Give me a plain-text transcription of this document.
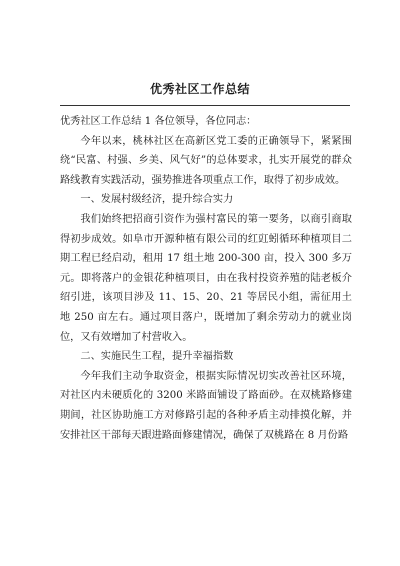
优秀社区工作总结

优秀社区工作总结 1 各位领导，各位同志：

今年以来，桃林社区在高新区党工委的正确领导下，紧紧围绕“民富、村强、乡美、风气好”的总体要求，扎实开展党的群众路线教育实践活动，强势推进各项重点工作，取得了初步成效。

一、发展村级经济，提升综合实力

我们始终把招商引资作为强村富民的第一要务，以商引商取得初步成效。如阜市开源种植有限公司的红豇蚓循环种植项目二期工程已经启动，租用 17 组土地 200-300 亩，投入 300 多万元。即将落户的金银花种植项目，由在我村投资养殖的陆老板介绍引进，该项目涉及 11、15、20、21 等居民小组，需征用土地 250 亩左右。通过项目落户，既增加了剩余劳动力的就业岗位，又有效增加了村营收入。

二、实施民生工程，提升幸福指数

今年我们主动争取资金，根据实际情况切实改善社区环境，对社区内未硬质化的 3200 米路面铺设了路面砂。在双桃路修建期间，社区协助施工方对修路引起的各种矛盾主动排摸化解，并安排社区干部每天跟进路面修建情况，确保了双桃路在 8 月份路
